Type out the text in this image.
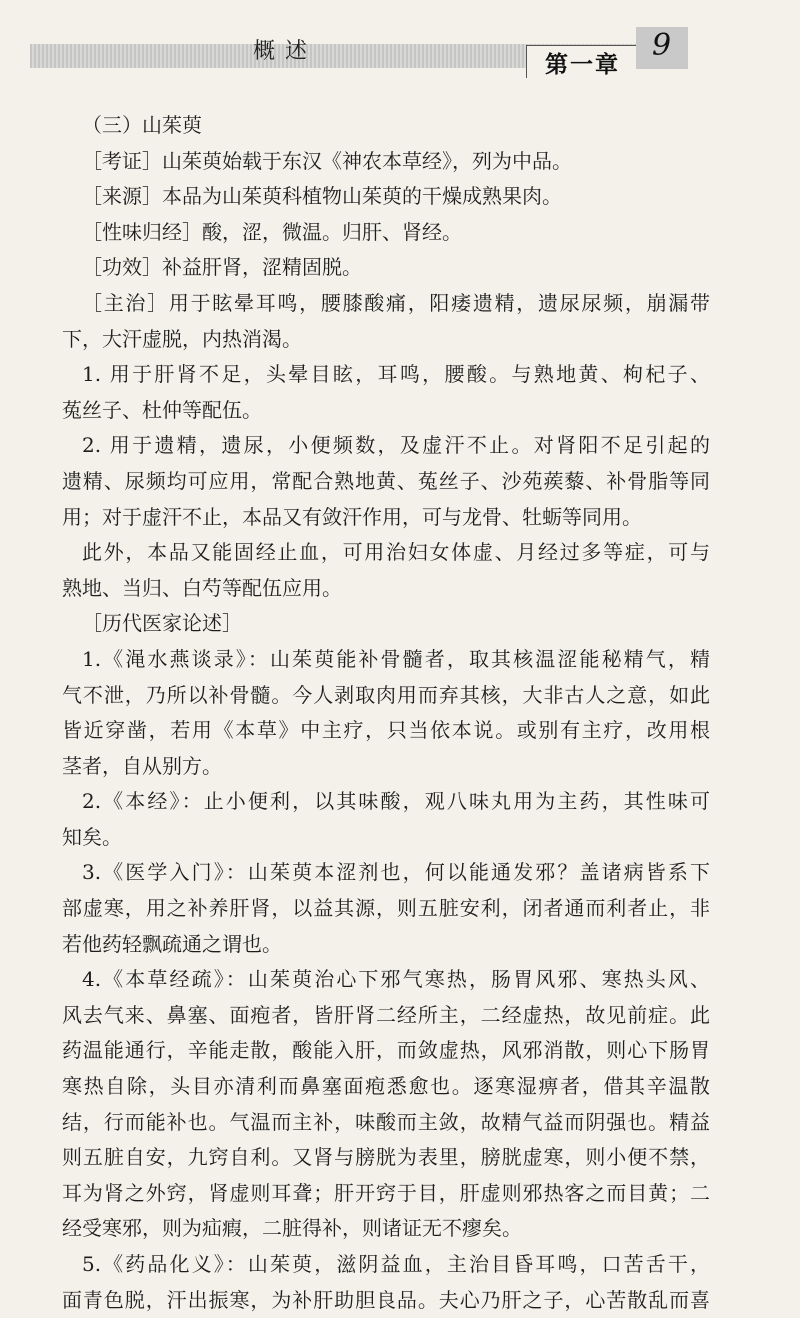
概述
第一章
9
（三）山茱萸
［考证］山茱萸始载于东汉《神农本草经》，列为中品。
［来源］本品为山茱萸科植物山茱萸的干燥成熟果肉。
［性味归经］酸，涩，微温。归肝、肾经。
［功效］补益肝肾，涩精固脱。
［主治］用于眩晕耳鸣，腰膝酸痛，阳痿遗精，遗尿尿频，崩漏带
下，大汗虚脱，内热消渴。
1. 用于肝肾不足，头晕目眩，耳鸣，腰酸。与熟地黄、枸杞子、
菟丝子、杜仲等配伍。
2. 用于遗精，遗尿，小便频数，及虚汗不止。对肾阳不足引起的
遗精、尿频均可应用，常配合熟地黄、菟丝子、沙苑蒺藜、补骨脂等同
用；对于虚汗不止，本品又有敛汗作用，可与龙骨、牡蛎等同用。
此外，本品又能固经止血，可用治妇女体虚、月经过多等症，可与
熟地、当归、白芍等配伍应用。
［历代医家论述］
1.《渑水燕谈录》：山茱萸能补骨髓者，取其核温涩能秘精气，精
气不泄，乃所以补骨髓。今人剥取肉用而弃其核，大非古人之意，如此
皆近穿凿，若用《本草》中主疗，只当依本说。或别有主疗，改用根
茎者，自从别方。
2.《本经》：止小便利，以其味酸，观八味丸用为主药，其性味可
知矣。
3.《医学入门》：山茱萸本涩剂也，何以能通发邪？盖诸病皆系下
部虚寒，用之补养肝肾，以益其源，则五脏安利，闭者通而利者止，非
若他药轻飘疏通之谓也。
4.《本草经疏》：山茱萸治心下邪气寒热，肠胃风邪、寒热头风、
风去气来、鼻塞、面疱者，皆肝肾二经所主，二经虚热，故见前症。此
药温能通行，辛能走散，酸能入肝，而敛虚热，风邪消散，则心下肠胃
寒热自除，头目亦清利而鼻塞面疱悉愈也。逐寒湿痹者，借其辛温散
结，行而能补也。气温而主补，味酸而主敛，故精气益而阴强也。精益
则五脏自安，九窍自利。又肾与膀胱为表里，膀胱虚寒，则小便不禁，
耳为肾之外窍，肾虚则耳聋；肝开窍于目，肝虚则邪热客之而目黄；二
经受寒邪，则为疝瘕，二脏得补，则诸证无不瘳矣。
5.《药品化义》：山茱萸，滋阴益血，主治目昏耳鸣，口苦舌干，
面青色脱，汗出振寒，为补肝助胆良品。夫心乃肝之子，心苦散乱而喜
